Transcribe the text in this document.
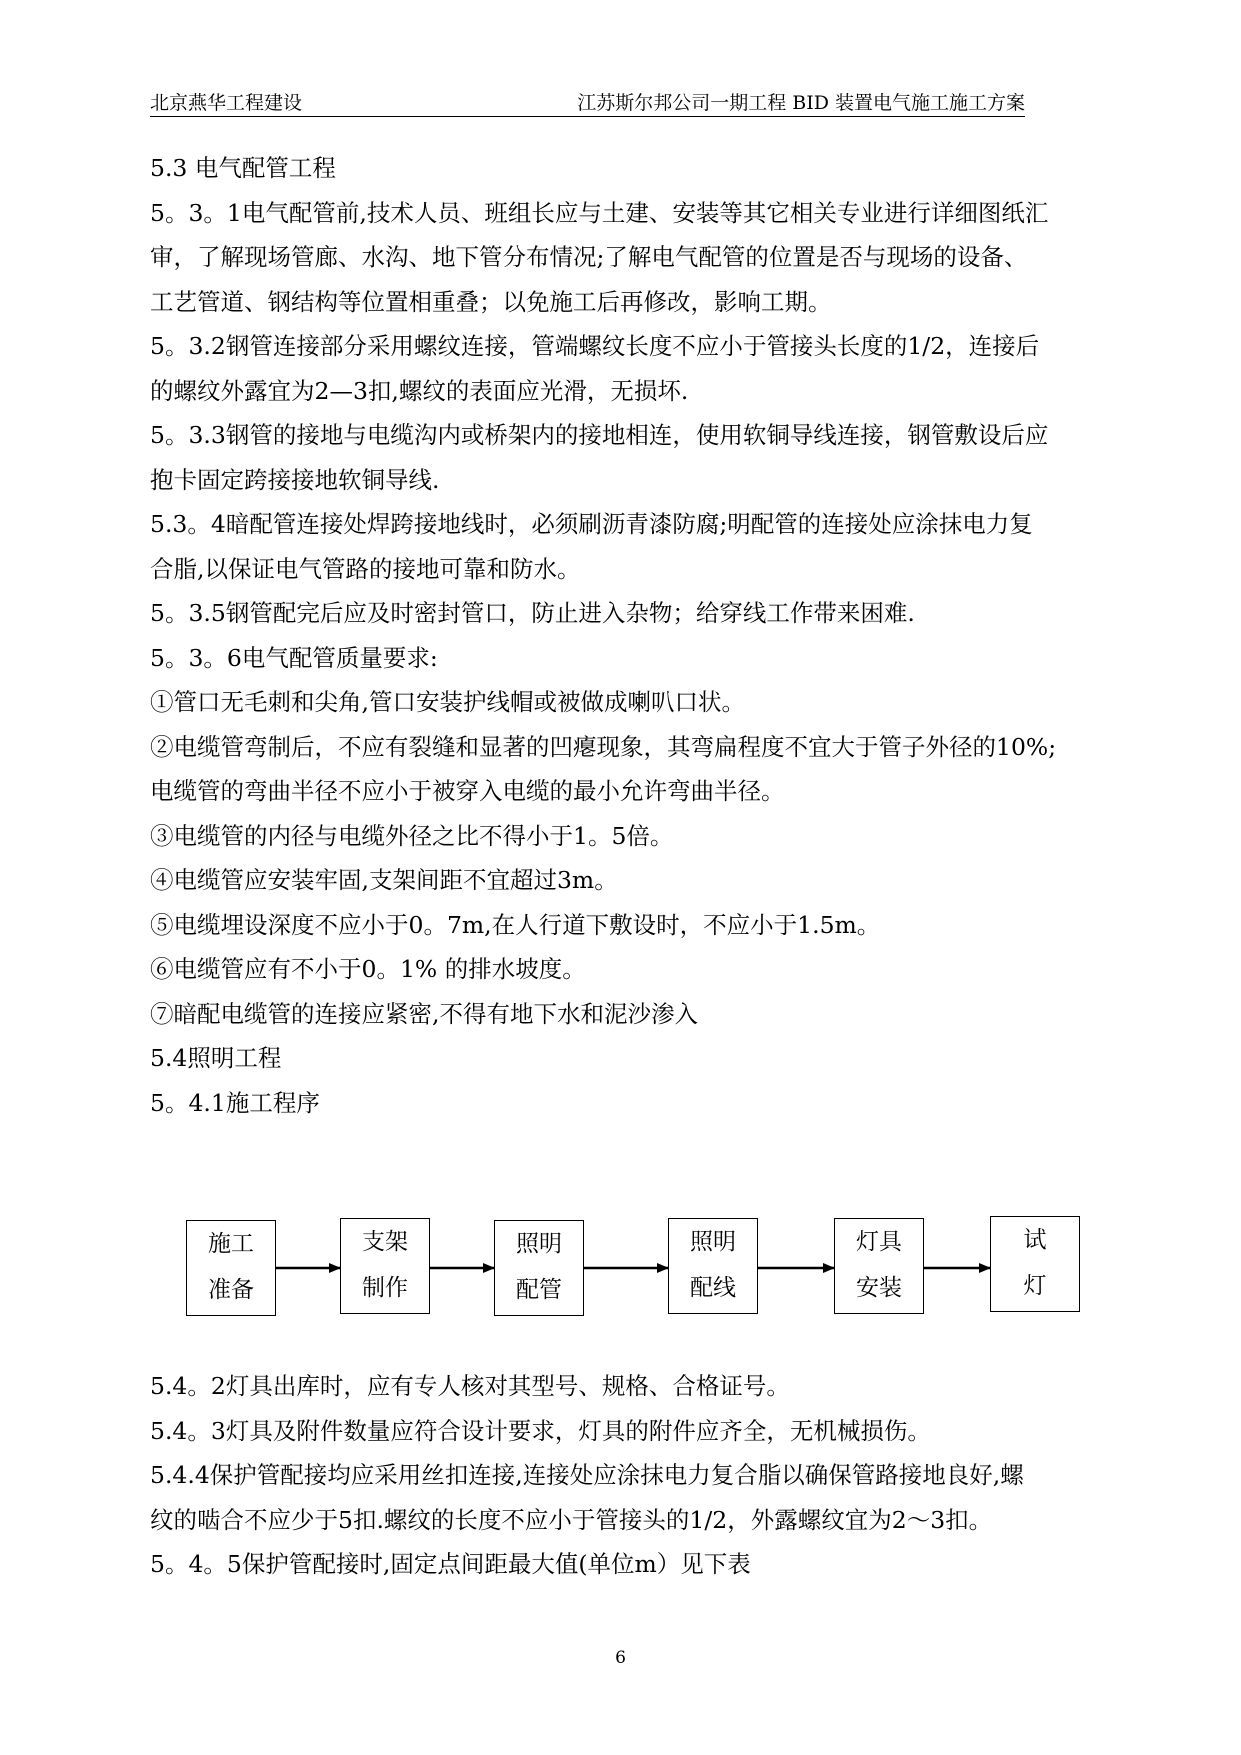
北京燕华工程建设	江苏斯尔邦公司一期工程 BID 装置电气施工施工方案
5.3 电气配管工程
5。3。1电气配管前,技术人员、班组长应与土建、安装等其它相关专业进行详细图纸汇
审，了解现场管廊、水沟、地下管分布情况;了解电气配管的位置是否与现场的设备、
工艺管道、钢结构等位置相重叠；以免施工后再修改，影响工期。
5。3.2钢管连接部分采用螺纹连接，管端螺纹长度不应小于管接头长度的1/2，连接后
的螺纹外露宜为2—3扣,螺纹的表面应光滑，无损坏.
5。3.3钢管的接地与电缆沟内或桥架内的接地相连，使用软铜导线连接，钢管敷设后应
抱卡固定跨接接地软铜导线.
5.3。4暗配管连接处焊跨接地线时，必须刷沥青漆防腐;明配管的连接处应涂抹电力复
合脂,以保证电气管路的接地可靠和防水。
5。3.5钢管配完后应及时密封管口，防止进入杂物；给穿线工作带来困难.
5。3。6电气配管质量要求:
①管口无毛刺和尖角,管口安装护线帽或被做成喇叭口状。
②电缆管弯制后，不应有裂缝和显著的凹瘪现象，其弯扁程度不宜大于管子外径的10%;
电缆管的弯曲半径不应小于被穿入电缆的最小允许弯曲半径。
③电缆管的内径与电缆外径之比不得小于1。5倍。
④电缆管应安装牢固,支架间距不宜超过3m。
⑤电缆埋设深度不应小于0。7m,在人行道下敷设时，不应小于1.5m。
⑥电缆管应有不小于0。1% 的排水坡度。
⑦暗配电缆管的连接应紧密,不得有地下水和泥沙渗入
5.4照明工程
5。4.1施工程序
施工
准备
支架
制作
照明
配管
照明
配线
灯具
安装
试
灯
5.4。2灯具出库时，应有专人核对其型号、规格、合格证号。
5.4。3灯具及附件数量应符合设计要求，灯具的附件应齐全，无机械损伤。
5.4.4保护管配接均应采用丝扣连接,连接处应涂抹电力复合脂以确保管路接地良好,螺
纹的啮合不应少于5扣.螺纹的长度不应小于管接头的1/2，外露螺纹宜为2～3扣。
5。4。5保护管配接时,固定点间距最大值(单位m）见下表
6
